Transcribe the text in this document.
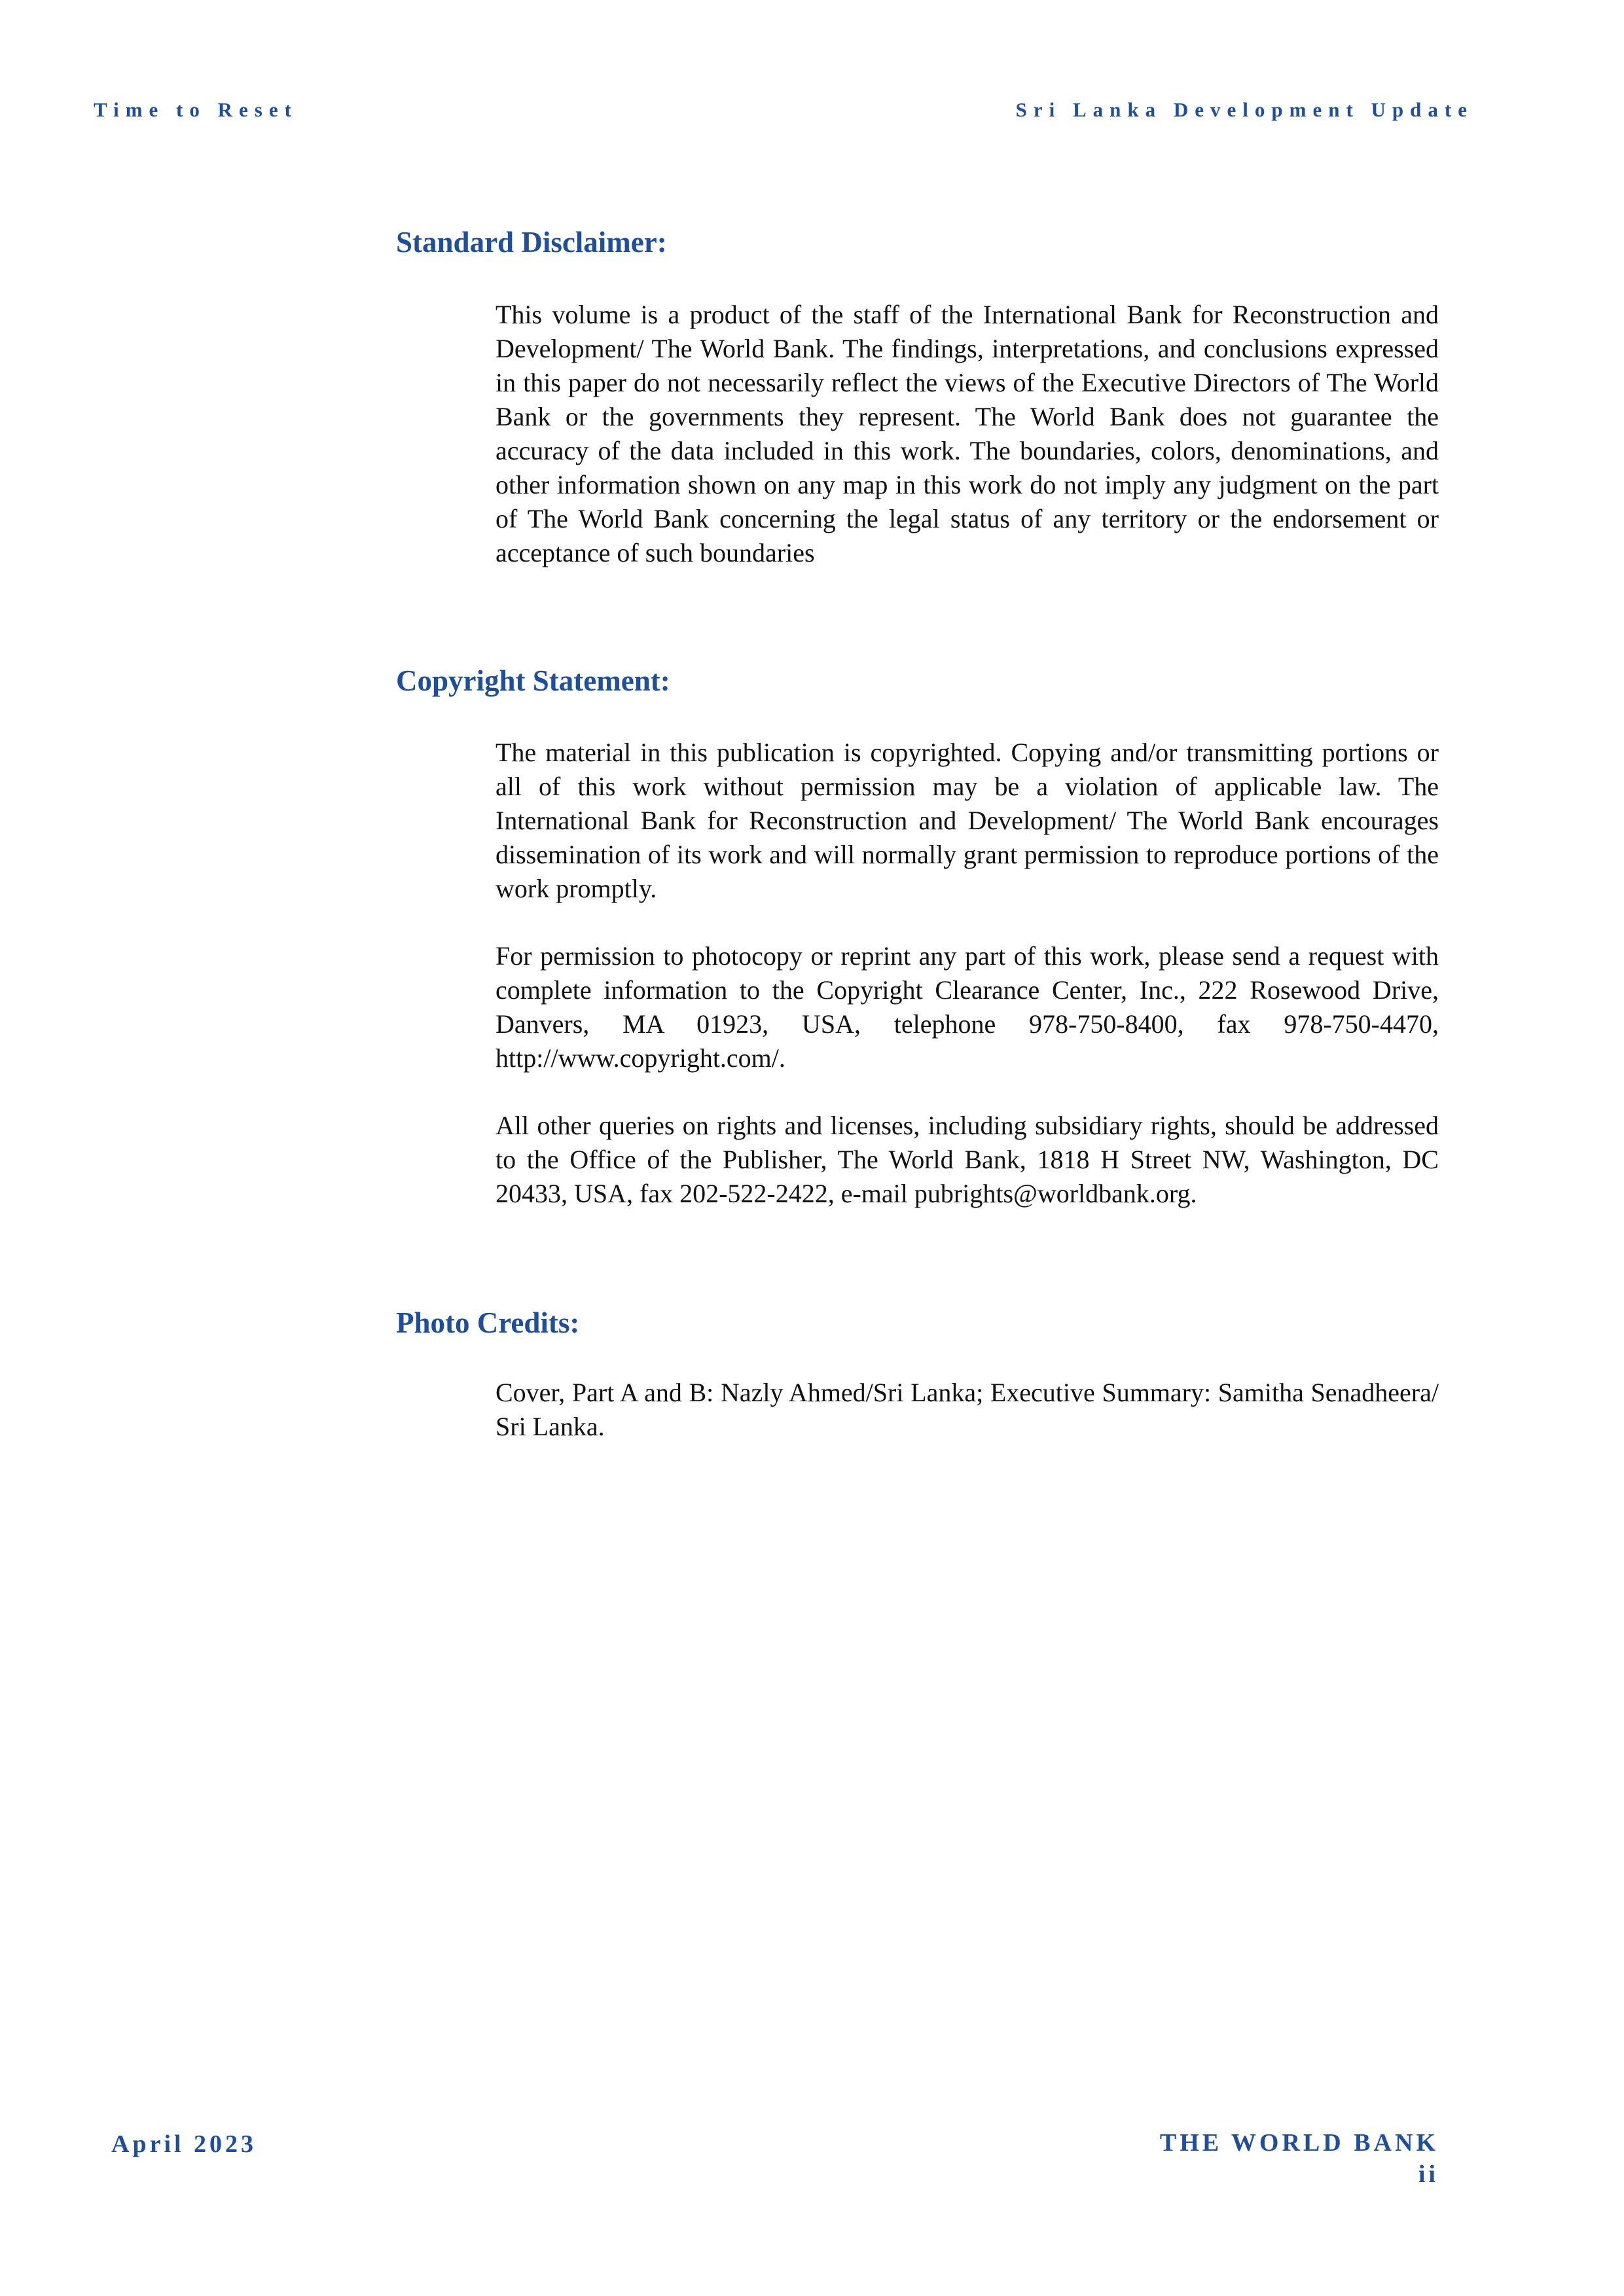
Time to Reset	Sri Lanka Development Update

Standard Disclaimer:

This volume is a product of the staff of the International Bank for Reconstruction and Development/ The World Bank. The findings, interpretations, and conclusions expressed in this paper do not necessarily reflect the views of the Executive Directors of The World Bank or the governments they represent. The World Bank does not guarantee the accuracy of the data included in this work. The boundaries, colors, denominations, and other information shown on any map in this work do not imply any judgment on the part of The World Bank concerning the legal status of any territory or the endorsement or acceptance of such boundaries

Copyright Statement:

The material in this publication is copyrighted. Copying and/or transmitting portions or all of this work without permission may be a violation of applicable law. The International Bank for Reconstruction and Development/ The World Bank encourages dissemination of its work and will normally grant permission to reproduce portions of the work promptly.

For permission to photocopy or reprint any part of this work, please send a request with complete information to the Copyright Clearance Center, Inc., 222 Rosewood Drive, Danvers, MA 01923, USA, telephone 978-750-8400, fax 978-750-4470, http://www.copyright.com/.

All other queries on rights and licenses, including subsidiary rights, should be addressed to the Office of the Publisher, The World Bank, 1818 H Street NW, Washington, DC 20433, USA, fax 202-522-2422, e-mail pubrights@worldbank.org.

Photo Credits:

Cover, Part A and B: Nazly Ahmed/Sri Lanka; Executive Summary: Samitha Senadheera/ Sri Lanka.

April 2023	THE WORLD BANK
ii
